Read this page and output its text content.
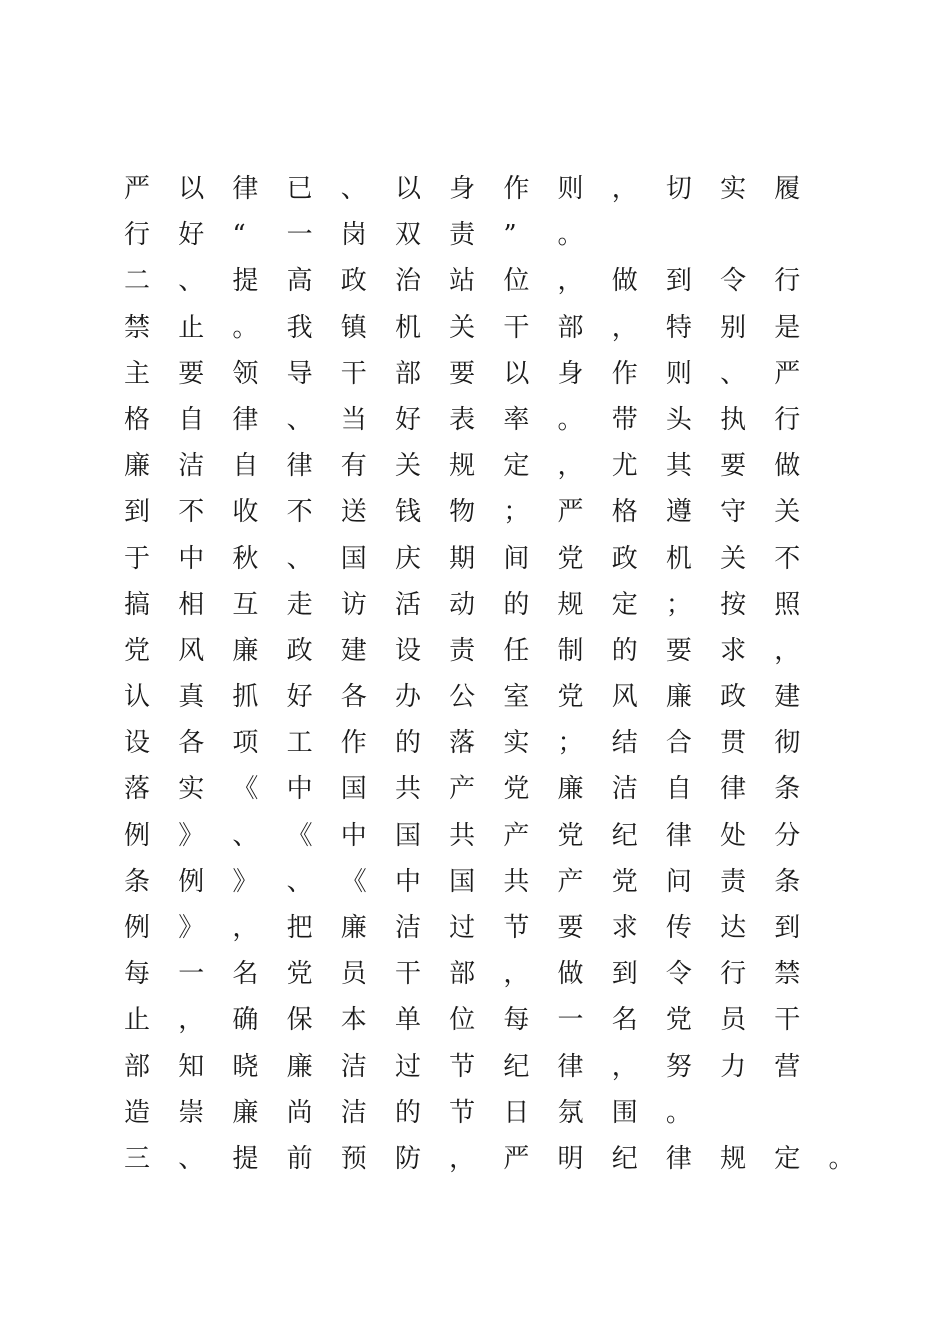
严 以 律 已 、 以 身 作 则 ， 切 实 履
行 好 “ 一 岗 双 责 ” 。
二 、 提 高 政 治 站 位 ， 做 到 令 行
禁 止 。 我 镇 机 关 干 部 ， 特 别 是
主 要 领 导 干 部 要 以 身 作 则 、 严
格 自 律 、 当 好 表 率 。 带 头 执 行
廉 洁 自 律 有 关 规 定 ， 尤 其 要 做
到 不 收 不 送 钱 物 ； 严 格 遵 守 关
于 中 秋 、 国 庆 期 间 党 政 机 关 不
搞 相 互 走 访 活 动 的 规 定 ； 按 照
党 风 廉 政 建 设 责 任 制 的 要 求 ，
认 真 抓 好 各 办 公 室 党 风 廉 政 建
设 各 项 工 作 的 落 实 ； 结 合 贯 彻
落 实 《 中 国 共 产 党 廉 洁 自 律 条
例 》 、 《 中 国 共 产 党 纪 律 处 分
条 例 》 、 《 中 国 共 产 党 问 责 条
例 》 ， 把 廉 洁 过 节 要 求 传 达 到
每 一 名 党 员 干 部 ， 做 到 令 行 禁
止 ， 确 保 本 单 位 每 一 名 党 员 干
部 知 晓 廉 洁 过 节 纪 律 ， 努 力 营
造 崇 廉 尚 洁 的 节 日 氛 围 。
三 、 提 前 预 防 ， 严 明 纪 律 规 定 。
